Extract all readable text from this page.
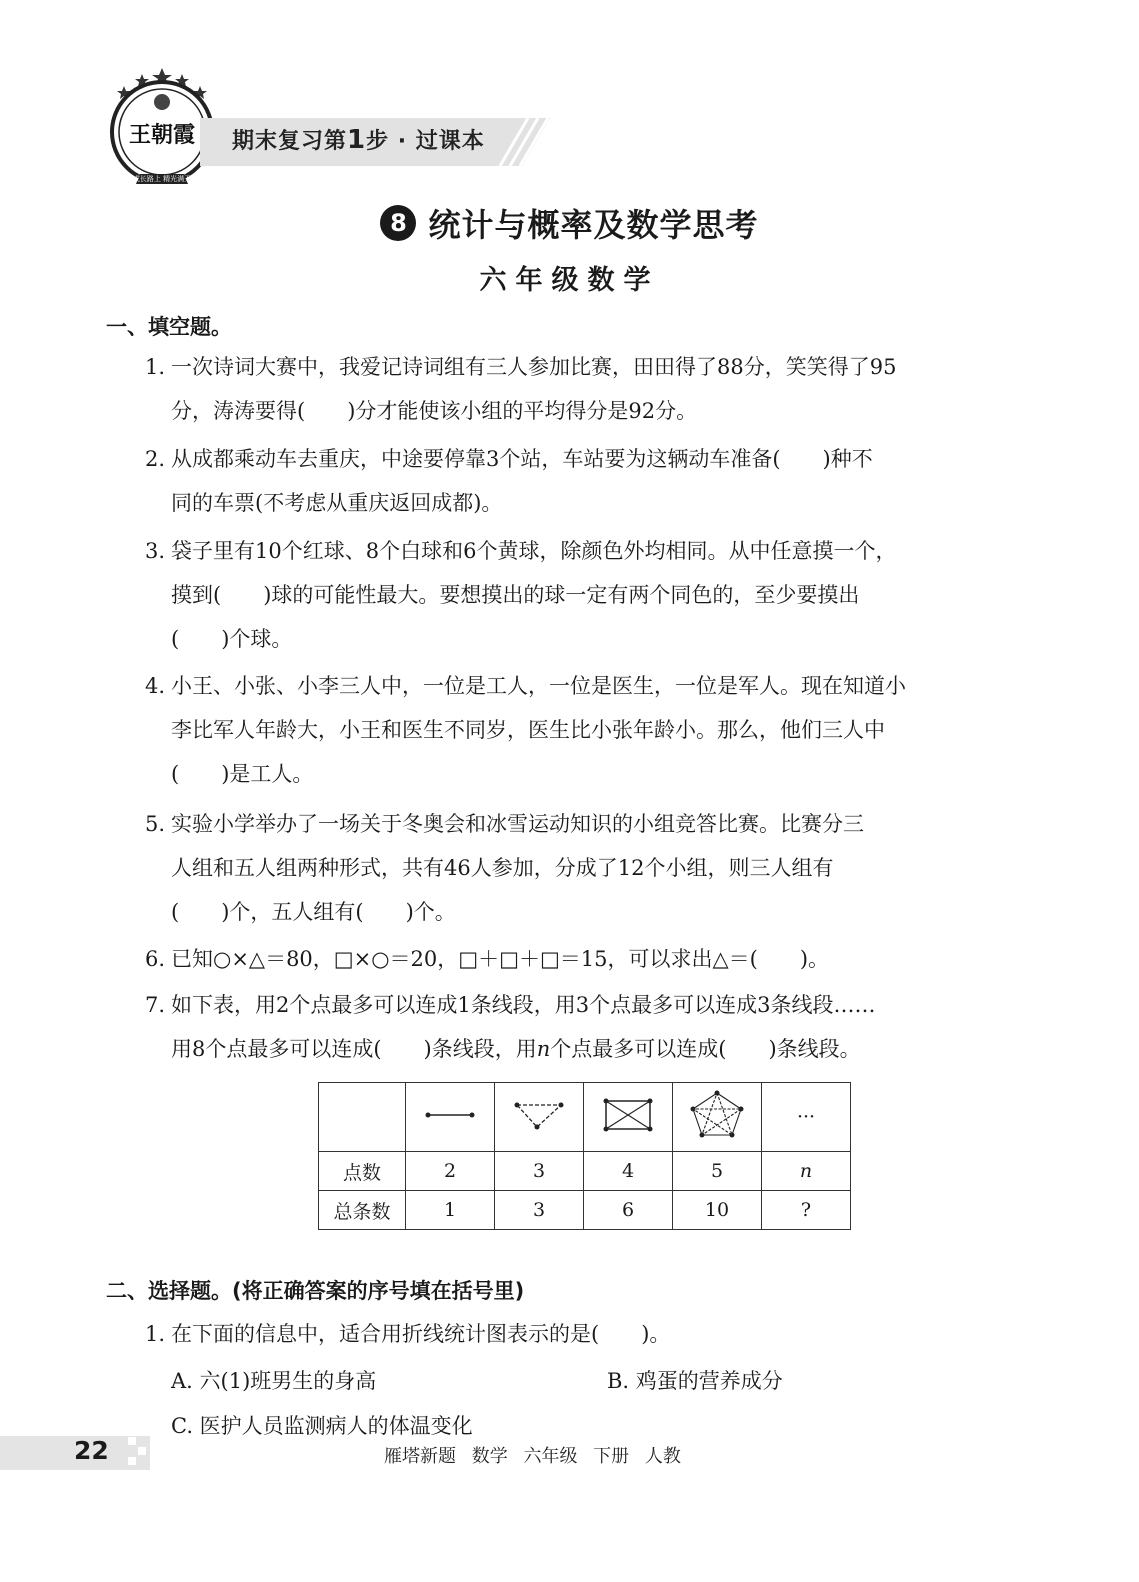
王朝霞
成长路上 精光满天
期末复习第1步 · 过课本
8 统计与概率及数学思考
六年级数学
一、填空题。
1. 一次诗词大赛中，我爱记诗词组有三人参加比赛，田田得了88分，笑笑得了95
分，涛涛要得(　　)分才能使该小组的平均得分是92分。
2. 从成都乘动车去重庆，中途要停靠3个站，车站要为这辆动车准备(　　)种不
同的车票(不考虑从重庆返回成都)。
3. 袋子里有10个红球、8个白球和6个黄球，除颜色外均相同。从中任意摸一个，
摸到(　　)球的可能性最大。要想摸出的球一定有两个同色的，至少要摸出
(　　)个球。
4. 小王、小张、小李三人中，一位是工人，一位是医生，一位是军人。现在知道小
李比军人年龄大，小王和医生不同岁，医生比小张年龄小。那么，他们三人中
(　　)是工人。
5. 实验小学举办了一场关于冬奥会和冰雪运动知识的小组竞答比赛。比赛分三
人组和五人组两种形式，共有46人参加，分成了12个小组，则三人组有
(　　)个，五人组有(　　)个。
6. 已知○×△＝80，□×○＝20，□＋□＋□＝15，可以求出△＝(　　)。
7. 如下表，用2个点最多可以连成1条线段，用3个点最多可以连成3条线段……
用8个点最多可以连成(　　)条线段，用n个点最多可以连成(　　)条线段。
					···
点数	2	3	4	5	n
总条数	1	3	6	10	?
二、选择题。(将正确答案的序号填在括号里)
1. 在下面的信息中，适合用折线统计图表示的是(　　)。
A. 六(1)班男生的身高	B. 鸡蛋的营养成分
C. 医护人员监测病人的体温变化
22	雁塔新题 数学 六年级 下册 人教
